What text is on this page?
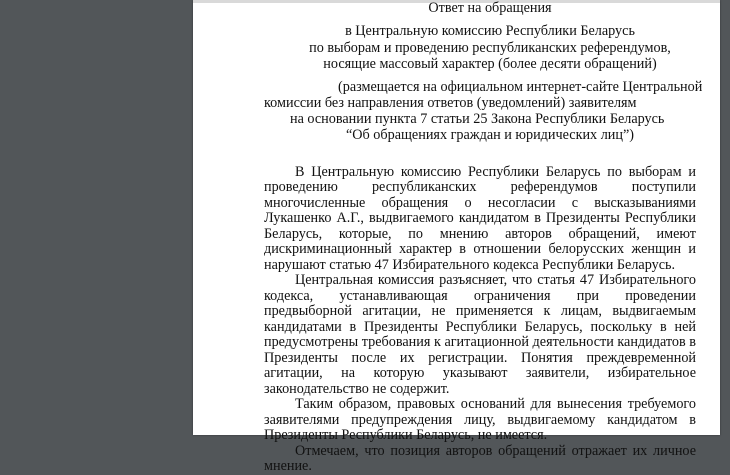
Ответ на обращения
в Центральную комиссию Республики Беларусь
по выборам и проведению республиканских референдумов,
носящие массовый характер (более десяти обращений)
(размещается на официальном интернет-сайте Центральной
комиссии без направления ответов (уведомлений) заявителям
на основании пункта 7 статьи 25 Закона Республики Беларусь
“Об обращениях граждан и юридических лиц”)

В Центральную комиссию Республики Беларусь по выборам и проведению республиканских референдумов поступили многочисленные обращения о несогласии с высказываниями Лукашенко А.Г., выдвигаемого кандидатом в Президенты Республики Беларусь, которые, по мнению авторов обращений, имеют дискриминационный характер в отношении белорусских женщин и нарушают статью 47 Избирательного кодекса Республики Беларусь.

Центральная комиссия разъясняет, что статья 47 Избирательного кодекса, устанавливающая ограничения при проведении предвыборной агитации, не применяется к лицам, выдвигаемым кандидатами в Президенты Республики Беларусь, поскольку в ней предусмотрены требования к агитационной деятельности кандидатов в Президенты после их регистрации. Понятия преждевременной агитации, на которую указывают заявители, избирательное законодательство не содержит.

Таким образом, правовых оснований для вынесения требуемого заявителями предупреждения лицу, выдвигаемому кандидатом в Президенты Республики Беларусь, не имеется.

Отмечаем, что позиция авторов обращений отражает их личное мнение.
